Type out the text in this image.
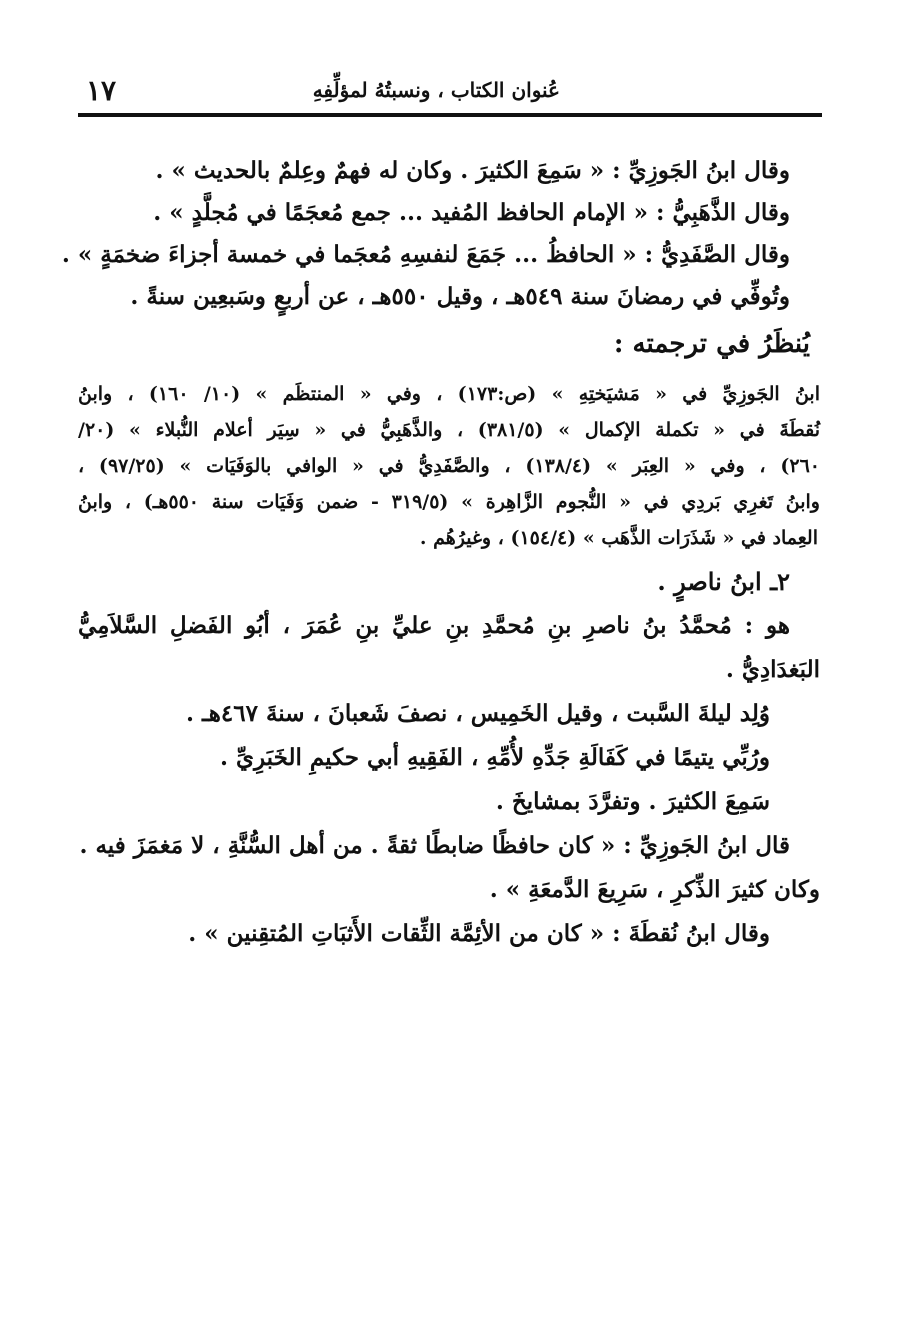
١٧	عُنوان الكتاب ، ونسبتُهُ لمؤلِّفِهِ

وقال ابنُ الجَوزِيِّ : « سَمِعَ الكثيرَ . وكان له فهمٌ وعِلمٌ بالحديث » .

وقال الذَّهَبِيُّ : « الإمام الحافظ المُفيد ... جمع مُعجَمًا في مُجلَّدٍ » .

وقال الصَّفَدِيُّ : « الحافظُ ... جَمَعَ لنفسِهِ مُعجَما في خمسة أجزاءَ ضخمَةٍ » .

وتُوفِّي في رمضانَ سنة ٥٤٩هـ ، وقيل ٥٥٠هـ ، عن أربعٍ وسَبعِين سنةً .

يُنظَرُ في ترجمته :

ابنُ الجَوزِيِّ في « مَشيَختِهِ » (ص:١٧٣) ، وفي « المنتظَم » (١٠/ ١٦٠) ، وابنُ

نُقطَةَ في « تكملة الإكمال » (٣٨١/٥) ، والذَّهَبِيُّ في « سِيَر أعلام النُّبلاء » (٢٠/

٢٦٠) ، وفي « العِبَر » (١٣٨/٤) ، والصَّفَدِيُّ في « الوافي بالوَفَيَات » (٩٧/٢٥) ،

وابنُ تَغرِي بَردِي في « النُّجوم الزَّاهِرة » (٣١٩/٥ - ضمن وَفَيَات سنة ٥٥٠هـ) ، وابنُ

العِماد في « شَذَرَات الذَّهَب » (١٥٤/٤) ، وغيرُهُم .

٢ـ ابنُ ناصرٍ .

هو : مُحمَّدُ بنُ ناصرِ بنِ مُحمَّدِ بنِ عليِّ بنِ عُمَرَ ، أبُو الفَضلِ السَّلاَمِيُّ

البَغدَادِيُّ .

وُلِد ليلةَ السَّبت ، وقيل الخَمِيس ، نصفَ شَعبانَ ، سنةَ ٤٦٧هـ .

ورُبِّي يتيمًا في كَفَالَةِ جَدِّهِ لأُمِّهِ ، الفَقِيهِ أبي حكيمِ الخَبَرِيِّ .

سَمِعَ الكثيرَ . وتفرَّدَ بمشايخَ .

قال ابنُ الجَوزِيِّ : « كان حافظًا ضابطًا ثقةً . من أهل السُّنَّةِ ، لا مَغمَزَ فيه .

وكان كثيرَ الذِّكرِ ، سَرِيعَ الدَّمعَةِ » .

وقال ابنُ نُقطَةَ : « كان من الأئِمَّة الثِّقات الأَثبَاتِ المُتقِنين » .
